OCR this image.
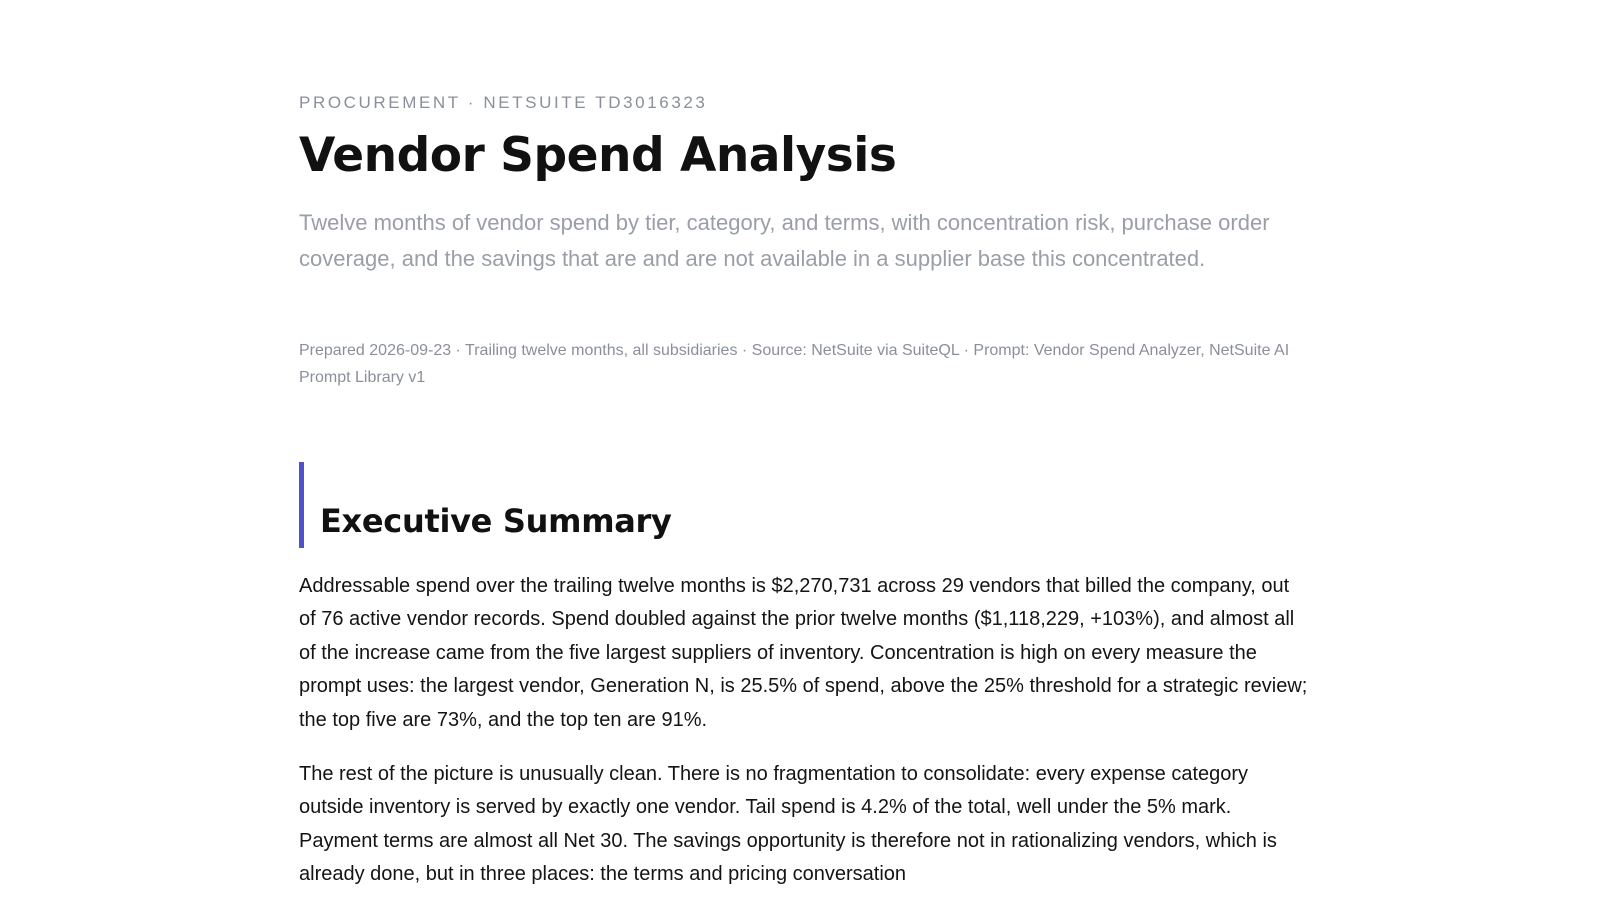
PROCUREMENT · NETSUITE TD3016323
Vendor Spend Analysis

Twelve months of vendor spend by tier, category, and terms, with concentration risk, purchase order coverage, and the savings that are and are not available in a supplier base this concentrated.

Prepared 2026-09-23 · Trailing twelve months, all subsidiaries · Source: NetSuite via SuiteQL · Prompt: Vendor Spend Analyzer, NetSuite AI Prompt Library v1

Executive Summary

Addressable spend over the trailing twelve months is $2,270,731 across 29 vendors that billed the company, out of 76 active vendor records. Spend doubled against the prior twelve months ($1,118,229, +103%), and almost all of the increase came from the five largest suppliers of inventory. Concentration is high on every measure the prompt uses: the largest vendor, Generation N, is 25.5% of spend, above the 25% threshold for a strategic review; the top five are 73%, and the top ten are 91%.

The rest of the picture is unusually clean. There is no fragmentation to consolidate: every expense category outside inventory is served by exactly one vendor. Tail spend is 4.2% of the total, well under the 5% mark. Payment terms are almost all Net 30. The savings opportunity is therefore not in rationalizing vendors, which is already done, but in three places: the terms and pricing conversation
